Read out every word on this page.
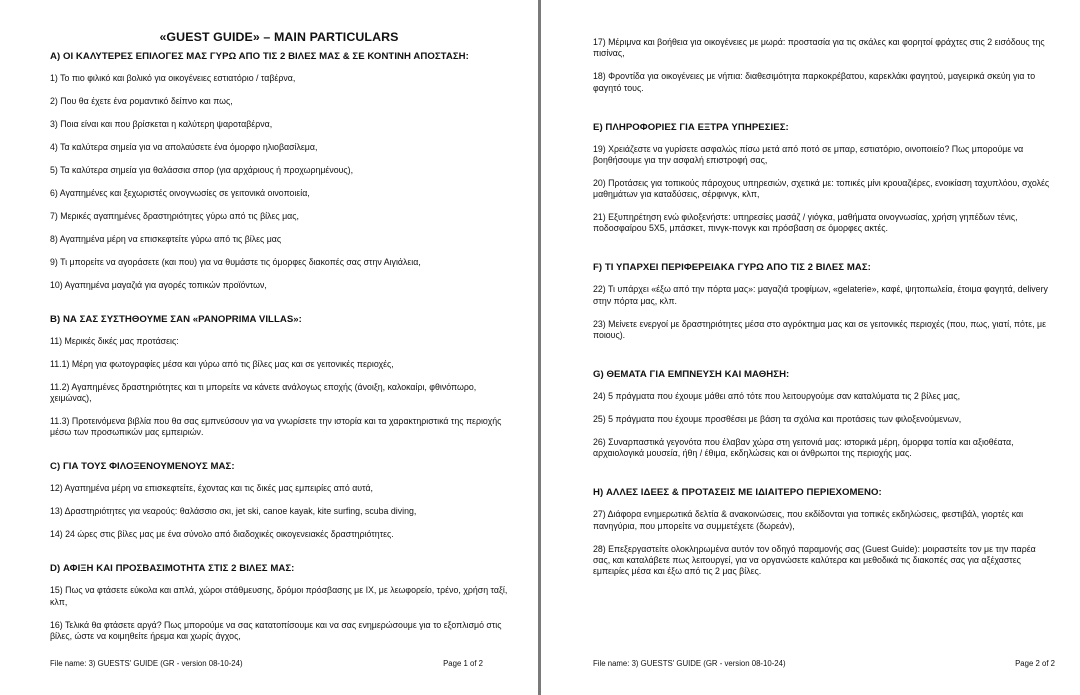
«GUEST GUIDE» – MAIN PARTICULARS
A) ΟΙ ΚΑΛΥΤΕΡΕΣ ΕΠΙΛΟΓΕΣ ΜΑΣ ΓΥΡΩ ΑΠΟ ΤΙΣ 2 ΒΙΛΕΣ ΜΑΣ & ΣΕ ΚΟΝΤΙΝΗ ΑΠΟΣΤΑΣΗ:
1) Το πιο φιλικό και βολικό για οικογένειες εστιατόριο / ταβέρνα,
2) Που θα έχετε ένα ρομαντικό δείπνο και πως,
3) Ποια είναι και που βρίσκεται η καλύτερη ψαροταβέρνα,
4) Τα καλύτερα σημεία για να απολαύσετε ένα όμορφο ηλιοβασίλεμα,
5) Τα καλύτερα σημεία για θαλάσσια σπορ (για αρχάριους ή προχωρημένους),
6) Αγαπημένες και ξεχωριστές οινογνωσίες σε γειτονικά οινοποιεία,
7) Μερικές αγαπημένες δραστηριότητες γύρω από τις βίλες μας,
8) Αγαπημένα μέρη να επισκεφτείτε γύρω από τις βίλες μας
9) Τι μπορείτε να αγοράσετε (και που) για να θυμάστε τις όμορφες διακοπές σας στην Αιγιάλεια,
10) Αγαπημένα μαγαζιά για αγορές τοπικών προϊόντων,
B) ΝΑ ΣΑΣ ΣΥΣΤΗΘΟΥΜΕ ΣΑΝ «PANOPRIMA VILLAS»:
11) Μερικές δικές μας προτάσεις:
11.1) Μέρη για φωτογραφίες μέσα και γύρω από τις βίλες μας και σε γειτονικές περιοχές,
11.2) Αγαπημένες δραστηριότητες και τι μπορείτε να κάνετε ανάλογως εποχής (άνοιξη, καλοκαίρι, φθινόπωρο, χειμώνας),
11.3) Προτεινόμενα βιβλία που θα σας εμπνεύσουν για να γνωρίσετε την ιστορία και τα χαρακτηριστικά της περιοχής μέσω των προσωπικών μας εμπειριών.
C) ΓΙΑ ΤΟΥΣ ΦΙΛΟΞΕΝΟΥΜΕΝΟΥΣ ΜΑΣ:
12) Αγαπημένα μέρη να επισκεφτείτε, έχοντας και τις δικές μας εμπειρίες από αυτά,
13) Δραστηριότητες για νεαρούς: θαλάσσιο σκι, jet ski, canoe kayak, kite surfing, scuba diving,
14) 24 ώρες στις βίλες μας με ένα σύνολο από διαδοχικές οικογενειακές δραστηριότητες.
D) ΑΦΙΞΗ ΚΑΙ ΠΡΟΣΒΑΣΙΜΟΤΗΤΑ ΣΤΙΣ 2 ΒΙΛΕΣ ΜΑΣ:
15) Πως να φτάσετε εύκολα και απλά, χώροι στάθμευσης, δρόμοι πρόσβασης με ΙΧ, με λεωφορείο, τρένο, χρήση ταξί, κλπ,
16) Τελικά θα φτάσετε αργά? Πως μπορούμε να σας κατατοπίσουμε και να σας ενημερώσουμε για το εξοπλισμό στις βίλες, ώστε να κοιμηθείτε ήρεμα και χωρίς άγχος,
File name: 3) GUESTS' GUIDE (GR - version 08-10-24)	Page 1 of 2
17) Μέριμνα και βοήθεια για οικογένειες με μωρά: προστασία για τις σκάλες και φορητοί φράχτες στις 2 εισόδους της πισίνας,
18) Φροντίδα για οικογένειες με νήπια: διαθεσιμότητα παρκοκρέβατου, καρεκλάκι φαγητού, μαγειρικά σκεύη για το φαγητό τους.
E) ΠΛΗΡΟΦΟΡΙΕΣ ΓΙΑ ΕΞΤΡΑ ΥΠΗΡΕΣΙΕΣ:
19) Χρειάζεστε να γυρίσετε ασφαλώς πίσω μετά από ποτό σε μπαρ, εστιατόριο, οινοποιείο? Πως μπορούμε να βοηθήσουμε για την ασφαλή επιστροφή σας,
20) Προτάσεις για τοπικούς πάροχους υπηρεσιών, σχετικά με: τοπικές μίνι κρουαζιέρες, ενοικίαση ταχυπλόου, σχολές μαθημάτων για καταδύσεις, σέρφινγκ, κλπ,
21) Εξυπηρέτηση ενώ φιλοξενήστε: υπηρεσίες μασάζ / γιόγκα, μαθήματα οινογνωσίας, χρήση γηπέδων τένις, ποδοσφαίρου 5Χ5, μπάσκετ, πινγκ-πονγκ και πρόσβαση σε όμορφες ακτές.
F) ΤΙ ΥΠΑΡΧΕΙ ΠΕΡΙΦΕΡΕΙΑΚΑ ΓΥΡΩ ΑΠΟ ΤΙΣ 2 ΒΙΛΕΣ ΜΑΣ:
22) Τι υπάρχει «έξω από την πόρτα μας»: μαγαζιά τροφίμων, «gelaterie», καφέ, ψητοπωλεία, έτοιμα φαγητά, delivery στην πόρτα μας, κλπ.
23) Μείνετε ενεργοί με δραστηριότητες μέσα στο αγρόκτημα μας και σε γειτονικές περιοχές (που, πως, γιατί, πότε, με ποιους).
G) ΘΕΜΑΤΑ ΓΙΑ ΕΜΠΝΕΥΣΗ ΚΑΙ ΜΑΘΗΣΗ:
24) 5 πράγματα που έχουμε μάθει από τότε που λειτουργούμε σαν καταλύματα τις 2 βίλες μας,
25) 5 πράγματα που έχουμε προσθέσει με βάση τα σχόλια και προτάσεις των φιλοξενούμενων,
26) Συναρπαστικά γεγονότα που έλαβαν χώρα στη γειτονιά μας: ιστορικά μέρη, όμορφα τοπία και αξιοθέατα, αρχαιολογικά μουσεία, ήθη / έθιμα, εκδηλώσεις και οι άνθρωποι της περιοχής μας.
H) ΑΛΛΕΣ ΙΔΕΕΣ & ΠΡΟΤΑΣΕΙΣ ΜΕ ΙΔΙΑΙΤΕΡΟ ΠΕΡΙΕΧΟΜΕΝΟ:
27) Διάφορα ενημερωτικά δελτία & ανακοινώσεις, που εκδίδονται για τοπικές εκδηλώσεις, φεστιβάλ, γιορτές και πανηγύρια, που μπορείτε να συμμετέχετε (δωρεάν),
28) Επεξεργαστείτε ολοκληρωμένα αυτόν τον οδηγό παραμονής σας (Guest Guide): μοιραστείτε τον με την παρέα σας, και καταλάβετε πως λειτουργεί, για να οργανώσετε καλύτερα και μεθοδικά τις διακοπές σας για αξέχαστες εμπειρίες μέσα και έξω από τις 2 μας βίλες.
File name: 3) GUESTS' GUIDE (GR - version 08-10-24)	Page 2 of 2
